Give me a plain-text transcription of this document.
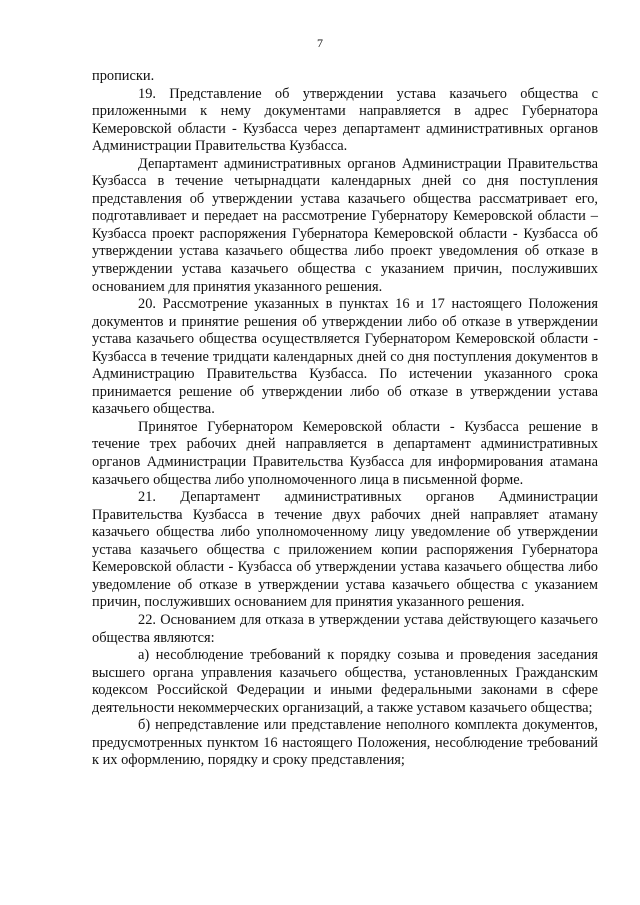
7

прописки.

19. Представление об утверждении устава казачьего общества с приложенными к нему документами направляется в адрес Губернатора Кемеровской области - Кузбасса через департамент административных органов Администрации Правительства Кузбасса.

Департамент административных органов Администрации Правительства Кузбасса в течение четырнадцати календарных дней со дня поступления представления об утверждении устава казачьего общества рассматривает его, подготавливает и передает на рассмотрение Губернатору Кемеровской области – Кузбасса проект распоряжения Губернатора Кемеровской области - Кузбасса об утверждении устава казачьего общества либо проект уведомления об отказе в утверждении устава казачьего общества с указанием причин, послуживших основанием для принятия указанного решения.

20. Рассмотрение указанных в пунктах 16 и 17 настоящего Положения документов и принятие решения об утверждении либо об отказе в утверждении устава казачьего общества осуществляется Губернатором Кемеровской области - Кузбасса в течение тридцати календарных дней со дня поступления документов в Администрацию Правительства Кузбасса. По истечении указанного срока принимается решение об утверждении либо об отказе в утверждении устава казачьего общества.

Принятое Губернатором Кемеровской области - Кузбасса решение в течение трех рабочих дней направляется в департамент административных органов Администрации Правительства Кузбасса для информирования атамана казачьего общества либо уполномоченного лица в письменной форме.

21. Департамент административных органов Администрации Правительства Кузбасса в течение двух рабочих дней направляет атаману казачьего общества либо уполномоченному лицу уведомление об утверждении устава казачьего общества с приложением копии распоряжения Губернатора Кемеровской области - Кузбасса об утверждении устава казачьего общества либо уведомление об отказе в утверждении устава казачьего общества с указанием причин, послуживших основанием для принятия указанного решения.

22. Основанием для отказа в утверждении устава действующего казачьего общества являются:

а) несоблюдение требований к порядку созыва и проведения заседания высшего органа управления казачьего общества, установленных Гражданским кодексом Российской Федерации и иными федеральными законами в сфере деятельности некоммерческих организаций, а также уставом казачьего общества;

б) непредставление или представление неполного комплекта документов, предусмотренных пунктом 16 настоящего Положения, несоблюдение требований к их оформлению, порядку и сроку представления;
